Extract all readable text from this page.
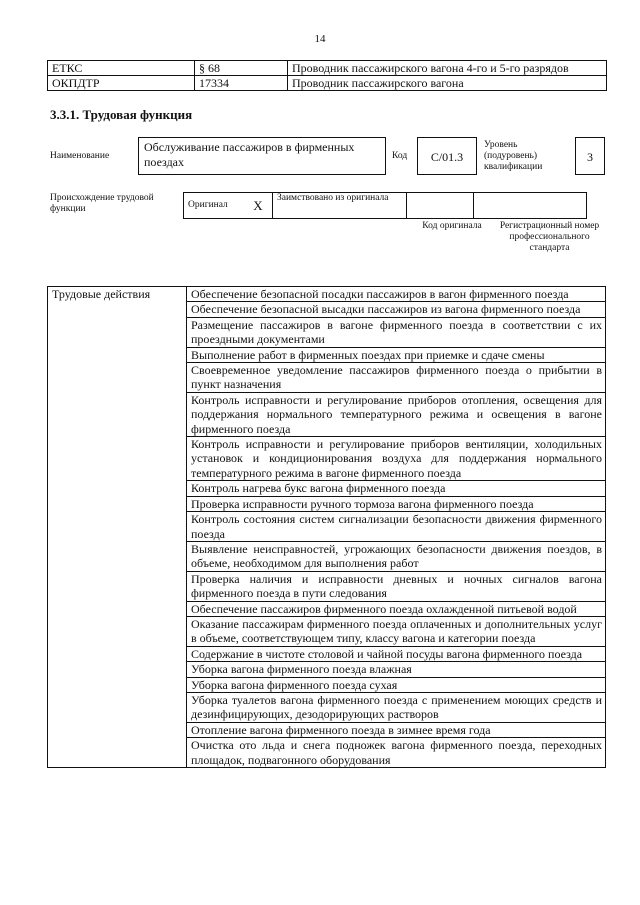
14
ЕТКС	§ 68	Проводник пассажирского вагона 4-го и 5-го разрядов
ОКПДТР	17334	Проводник пассажирского вагона
3.3.1. Трудовая функция
Наименование
Обслуживание пассажиров в фирменных поездах	Код	С/01.3
Уровень (подуровень) квалификации
3
Происхождение трудовой функции	Оригинал	X	Заимствовано из оригинала		
Код оригинала	Регистрационный номер профессионального стандарта
Трудовые действия	Обеспечение безопасной посадки пассажиров в вагон фирменного поезда
Обеспечение безопасной высадки пассажиров из вагона фирменного поезда
Размещение пассажиров в вагоне фирменного поезда в соответствии с их проездными документами
Выполнение работ в фирменных поездах при приемке и сдаче смены
Своевременное уведомление пассажиров фирменного поезда о прибытии в пункт назначения
Контроль исправности и регулирование приборов отопления, освещения для поддержания нормального температурного режима и освещения в вагоне фирменного поезда
Контроль исправности и регулирование приборов вентиляции, холодильных установок и кондиционирования воздуха для поддержания нормального температурного режима в вагоне фирменного поезда
Контроль нагрева букс вагона фирменного поезда
Проверка исправности ручного тормоза вагона фирменного поезда
Контроль состояния систем сигнализации безопасности движения фирменного поезда
Выявление неисправностей, угрожающих безопасности движения поездов, в объеме, необходимом для выполнения работ
Проверка наличия и исправности дневных и ночных сигналов вагона фирменного поезда в пути следования
Обеспечение пассажиров фирменного поезда охлажденной питьевой водой
Оказание пассажирам фирменного поезда оплаченных и дополнительных услуг в объеме, соответствующем типу, классу вагона и категории поезда
Содержание в чистоте столовой и чайной посуды вагона фирменного поезда
Уборка вагона фирменного поезда влажная
Уборка вагона фирменного поезда сухая
Уборка туалетов вагона фирменного поезда с применением моющих средств и дезинфицирующих, дезодорирующих растворов
Отопление вагона фирменного поезда в зимнее время года
Очистка ото льда и снега подножек вагона фирменного поезда, переходных площадок, подвагонного оборудования
